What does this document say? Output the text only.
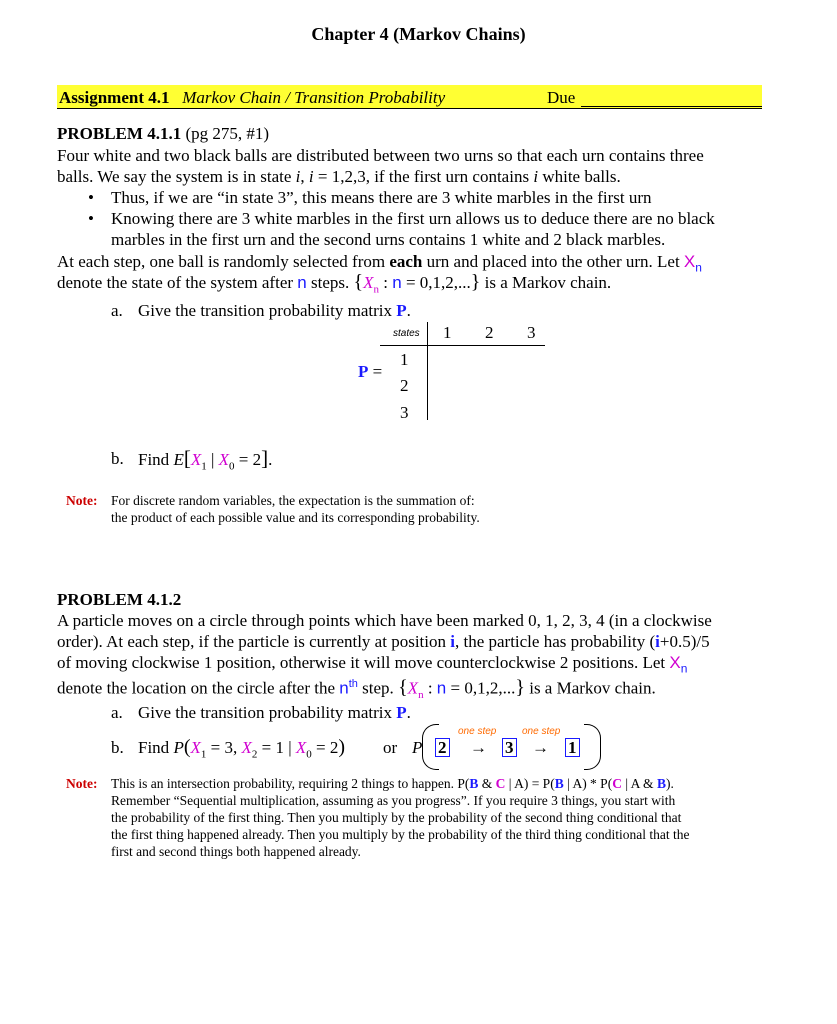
Chapter 4 (Markov Chains)
Assignment 4.1 Markov Chain / Transition Probability	Due
PROBLEM 4.1.1 (pg 275, #1)
Four white and two black balls are distributed between two urns so that each urn contains three
balls. We say the system is in state i, i = 1,2,3, if the first urn contains i white balls.
• Thus, if we are “in state 3”, this means there are 3 white marbles in the first urn
• Knowing there are 3 white marbles in the first urn allows us to deduce there are no black
marbles in the first urn and the second urns contains 1 white and 2 black marbles.
At each step, one ball is randomly selected from each urn and placed into the other urn. Let $X_n$
denote the state of the system after n steps. {$X_n$ : n = 0,1,2,...} is a Markov chain.
a. Give the transition probability matrix P.
states 1 2 3
1
2
3
P =
b. Find $E[X_1$ | $X_0 = 2$].
Note: For discrete random variables, the expectation is the summation of:
the product of each possible value and its corresponding probability.
PROBLEM 4.1.2
A particle moves on a circle through points which have been marked 0, 1, 2, 3, 4 (in a clockwise
order). At each step, if the particle is currently at position i, the particle has probability (i+0.5)/5
of moving clockwise 1 position, otherwise it will move counterclockwise 2 positions. Let $X_n$
denote the location on the circle after the $n^{th}$ step. {$X_n$ : n = 0,1,2,...} is a Markov chain.
a. Give the transition probability matrix P.
b. Find $P(X_1 = 3$, $X_2 = 1$ | $X_0 = 2$) or P 2
one step
→ 3
one step
→ 1
Note: This is an intersection probability, requiring 2 things to happen. P(B & C | A) = P(B | A) * P(C | A & B).
Remember “Sequential multiplication, assuming as you progress”. If you require 3 things, you start with
the probability of the first thing. Then you multiply by the probability of the second thing conditional that
the first thing happened already. Then you multiply by the probability of the third thing conditional that the
first and second things both happened already.
